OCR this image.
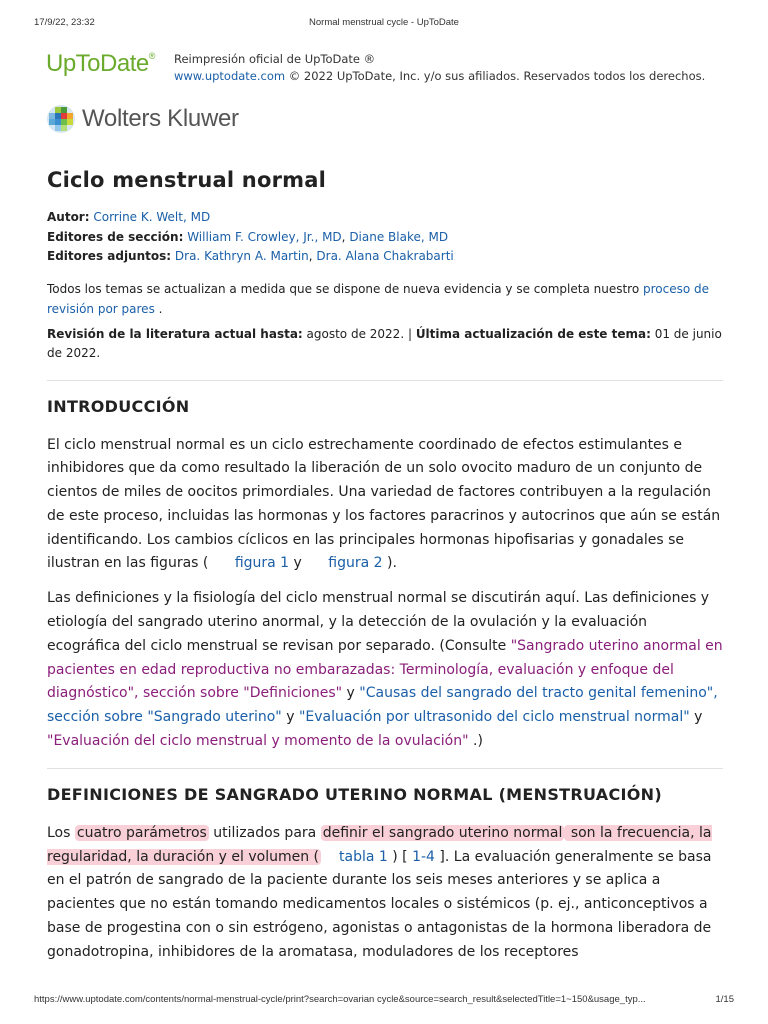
17/9/22, 23:32	Normal menstrual cycle - UpToDate
UpToDate® Reimpresión oficial de UpToDate ®
www.uptodate.com © 2022 UpToDate, Inc. y/o sus afiliados. Reservados todos los derechos.
Wolters Kluwer
Ciclo menstrual normal
Autor: Corrine K. Welt, MD
Editores de sección: William F. Crowley, Jr., MD, Diane Blake, MD
Editores adjuntos: Dra. Kathryn A. Martin, Dra. Alana Chakrabarti
Todos los temas se actualizan a medida que se dispone de nueva evidencia y se completa nuestro proceso de revisión por pares .
Revisión de la literatura actual hasta: agosto de 2022. | Última actualización de este tema: 01 de junio de 2022.
INTRODUCCIÓN
El ciclo menstrual normal es un ciclo estrechamente coordinado de efectos estimulantes e inhibidores que da como resultado la liberación de un solo ovocito maduro de un conjunto de cientos de miles de oocitos primordiales. Una variedad de factores contribuyen a la regulación de este proceso, incluidas las hormonas y los factores paracrinos y autocrinos que aún se están identificando. Los cambios cíclicos en las principales hormonas hipofisarias y gonadales se ilustran en las figuras ( figura 1 y figura 2 ).
Las definiciones y la fisiología del ciclo menstrual normal se discutirán aquí. Las definiciones y etiología del sangrado uterino anormal, y la detección de la ovulación y la evaluación ecográfica del ciclo menstrual se revisan por separado. (Consulte "Sangrado uterino anormal en pacientes en edad reproductiva no embarazadas: Terminología, evaluación y enfoque del diagnóstico", sección sobre "Definiciones" y "Causas del sangrado del tracto genital femenino", sección sobre "Sangrado uterino" y "Evaluación por ultrasonido del ciclo menstrual normal" y "Evaluación del ciclo menstrual y momento de la ovulación" .)
DEFINICIONES DE SANGRADO UTERINO NORMAL (MENSTRUACIÓN)
Los cuatro parámetros utilizados para definir el sangrado uterino normal son la frecuencia, la regularidad, la duración y el volumen ( tabla 1 ) [ 1-4 ]. La evaluación generalmente se basa en el patrón de sangrado de la paciente durante los seis meses anteriores y se aplica a pacientes que no están tomando medicamentos locales o sistémicos (p. ej., anticonceptivos a base de progestina con o sin estrógeno, agonistas o antagonistas de la hormona liberadora de gonadotropina, inhibidores de la aromatasa, moduladores de los receptores
https://www.uptodate.com/contents/normal-menstrual-cycle/print?search=ovarian cycle&source=search_result&selectedTitle=1~150&usage_typ...	1/15
